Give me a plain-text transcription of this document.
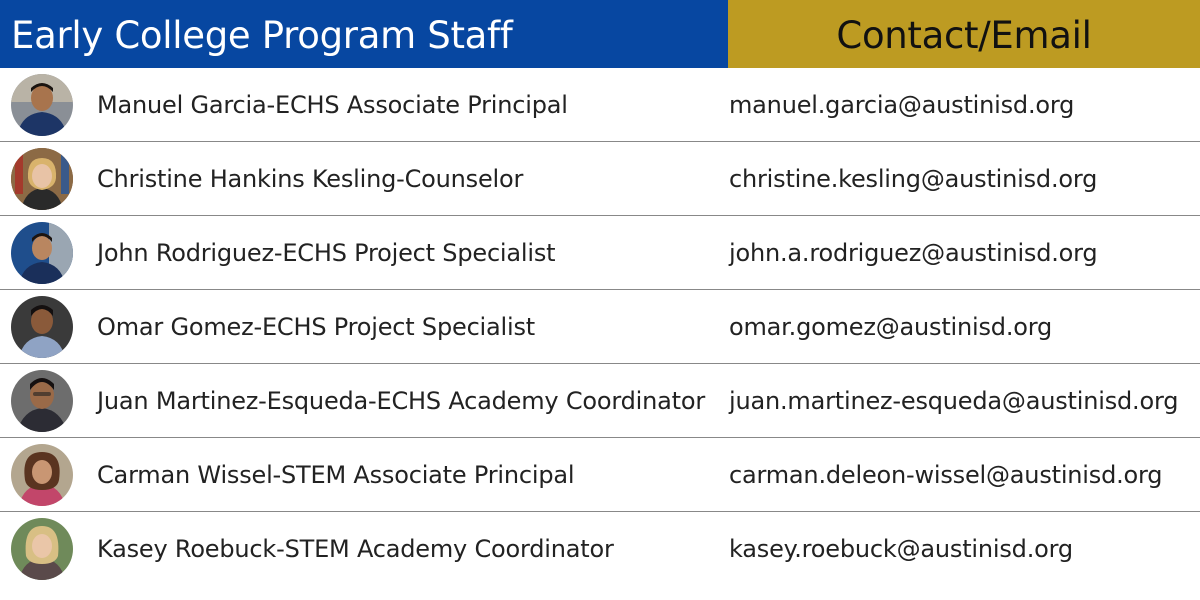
Early College Program Staff	Contact/Email
Manuel Garcia-ECHS Associate Principal	manuel.garcia@austinisd.org
Christine Hankins Kesling-Counselor	christine.kesling@austinisd.org
John Rodriguez-ECHS Project Specialist	john.a.rodriguez@austinisd.org
Omar Gomez-ECHS Project Specialist	omar.gomez@austinisd.org
Juan Martinez-Esqueda-ECHS Academy Coordinator juan.martinez-esqueda@austinisd.org
Carman Wissel-STEM Associate Principal	carman.deleon-wissel@austinisd.org
Kasey Roebuck-STEM Academy Coordinator	kasey.roebuck@austinisd.org
